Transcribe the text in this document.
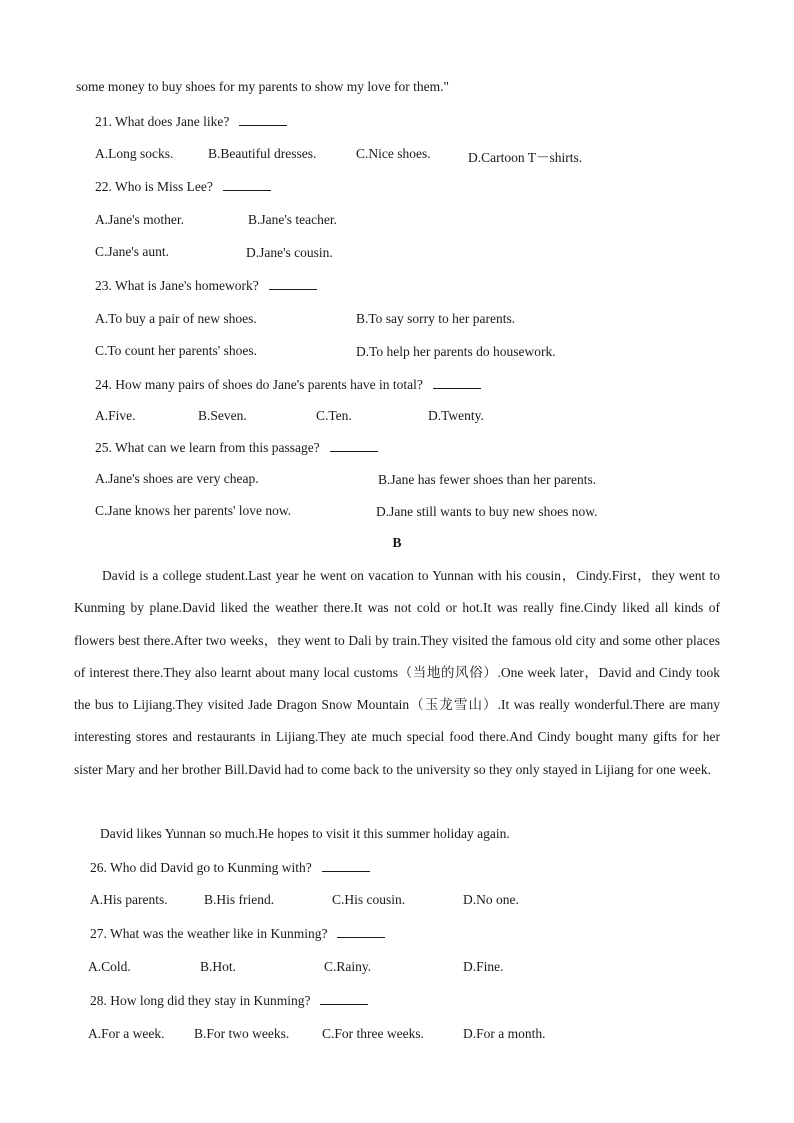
some money to buy shoes for my parents to show my love for them."
21. What does Jane like?
A.Long socks.	B.Beautiful dresses.	C.Nice shoes.	D.Cartoon T－shirts.
22. Who is Miss Lee?
A.Jane's mother.	B.Jane's teacher.
C.Jane's aunt.	D.Jane's cousin.
23. What is Jane's homework?
A.To buy a pair of new shoes.	B.To say sorry to her parents.
C.To count her parents' shoes.	D.To help her parents do housework.
24. How many pairs of shoes do Jane's parents have in total?
A.Five.	B.Seven.	C.Ten.	D.Twenty.
25. What can we learn from this passage?
A.Jane's shoes are very cheap.	B.Jane has fewer shoes than her parents.
C.Jane knows her parents' love now.	D.Jane still wants to buy new shoes now.
B
David is a college student.Last year he went on vacation to Yunnan with his cousin，Cindy.First，they went to Kunming by plane.David liked the weather there.It was not cold or hot.It was really fine.Cindy liked all kinds of flowers best there.After two weeks，they went to Dali by train.They visited the famous old city and some other places of interest there.They also learnt about many local customs（当地的风俗）.One week later，David and Cindy took the bus to Lijiang.They visited Jade Dragon Snow Mountain（玉龙雪山）.It was really wonderful.There are many interesting stores and restaurants in Lijiang.They ate much special food there.And Cindy bought many gifts for her sister Mary and her brother Bill.David had to come back to the university so they only stayed in Lijiang for one week.
David likes Yunnan so much.He hopes to visit it this summer holiday again.
26. Who did David go to Kunming with?
A.His parents.	B.His friend.	C.His cousin.	D.No one.
27. What was the weather like in Kunming?
A.Cold.	B.Hot.	C.Rainy.	D.Fine.
28. How long did they stay in Kunming?
A.For a week. B.For two weeks. C.For three weeks.	D.For a month.
